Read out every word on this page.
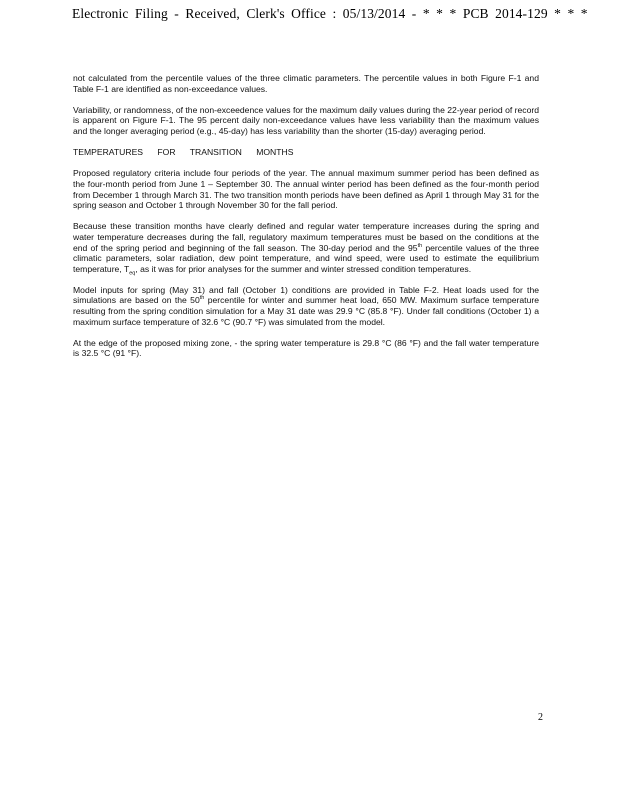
Electronic Filing - Received, Clerk's Office : 05/13/2014 - * * * PCB 2014-129 * * *

not calculated from the percentile values of the three climatic parameters. The percentile values in both Figure F-1 and Table F-1 are identified as non-exceedance values.

Variability, or randomness, of the non-exceedence values for the maximum daily values during the 22-year period of record is apparent on Figure F-1. The 95 percent daily non-exceedance values have less variability than the maximum values and the longer averaging period (e.g., 45-day) has less variability than the shorter (15-day) averaging period.

TEMPERATURES FOR TRANSITION MONTHS

Proposed regulatory criteria include four periods of the year. The annual maximum summer period has been defined as the four-month period from June 1 – September 30. The annual winter period has been defined as the four-month period from December 1 through March 31. The two transition month periods have been defined as April 1 through May 31 for the spring season and October 1 through November 30 for the fall period.

Because these transition months have clearly defined and regular water temperature increases during the spring and water temperature decreases during the fall, regulatory maximum temperatures must be based on the conditions at the end of the spring period and beginning of the fall season. The 30-day period and the 95th percentile values of the three climatic parameters, solar radiation, dew point temperature, and wind speed, were used to estimate the equilibrium temperature, $T_{eq}$, as it was for prior analyses for the summer and winter stressed condition temperatures.

Model inputs for spring (May 31) and fall (October 1) conditions are provided in Table F-2. Heat loads used for the simulations are based on the 50th percentile for winter and summer heat load, 650 MW. Maximum surface temperature resulting from the spring condition simulation for a May 31 date was 29.9 °C (85.8 °F). Under fall conditions (October 1) a maximum surface temperature of 32.6 °C (90.7 °F) was simulated from the model.

At the edge of the proposed mixing zone, - the spring water temperature is 29.8 °C (86 °F) and the fall water temperature is 32.5 °C (91 °F).

2
